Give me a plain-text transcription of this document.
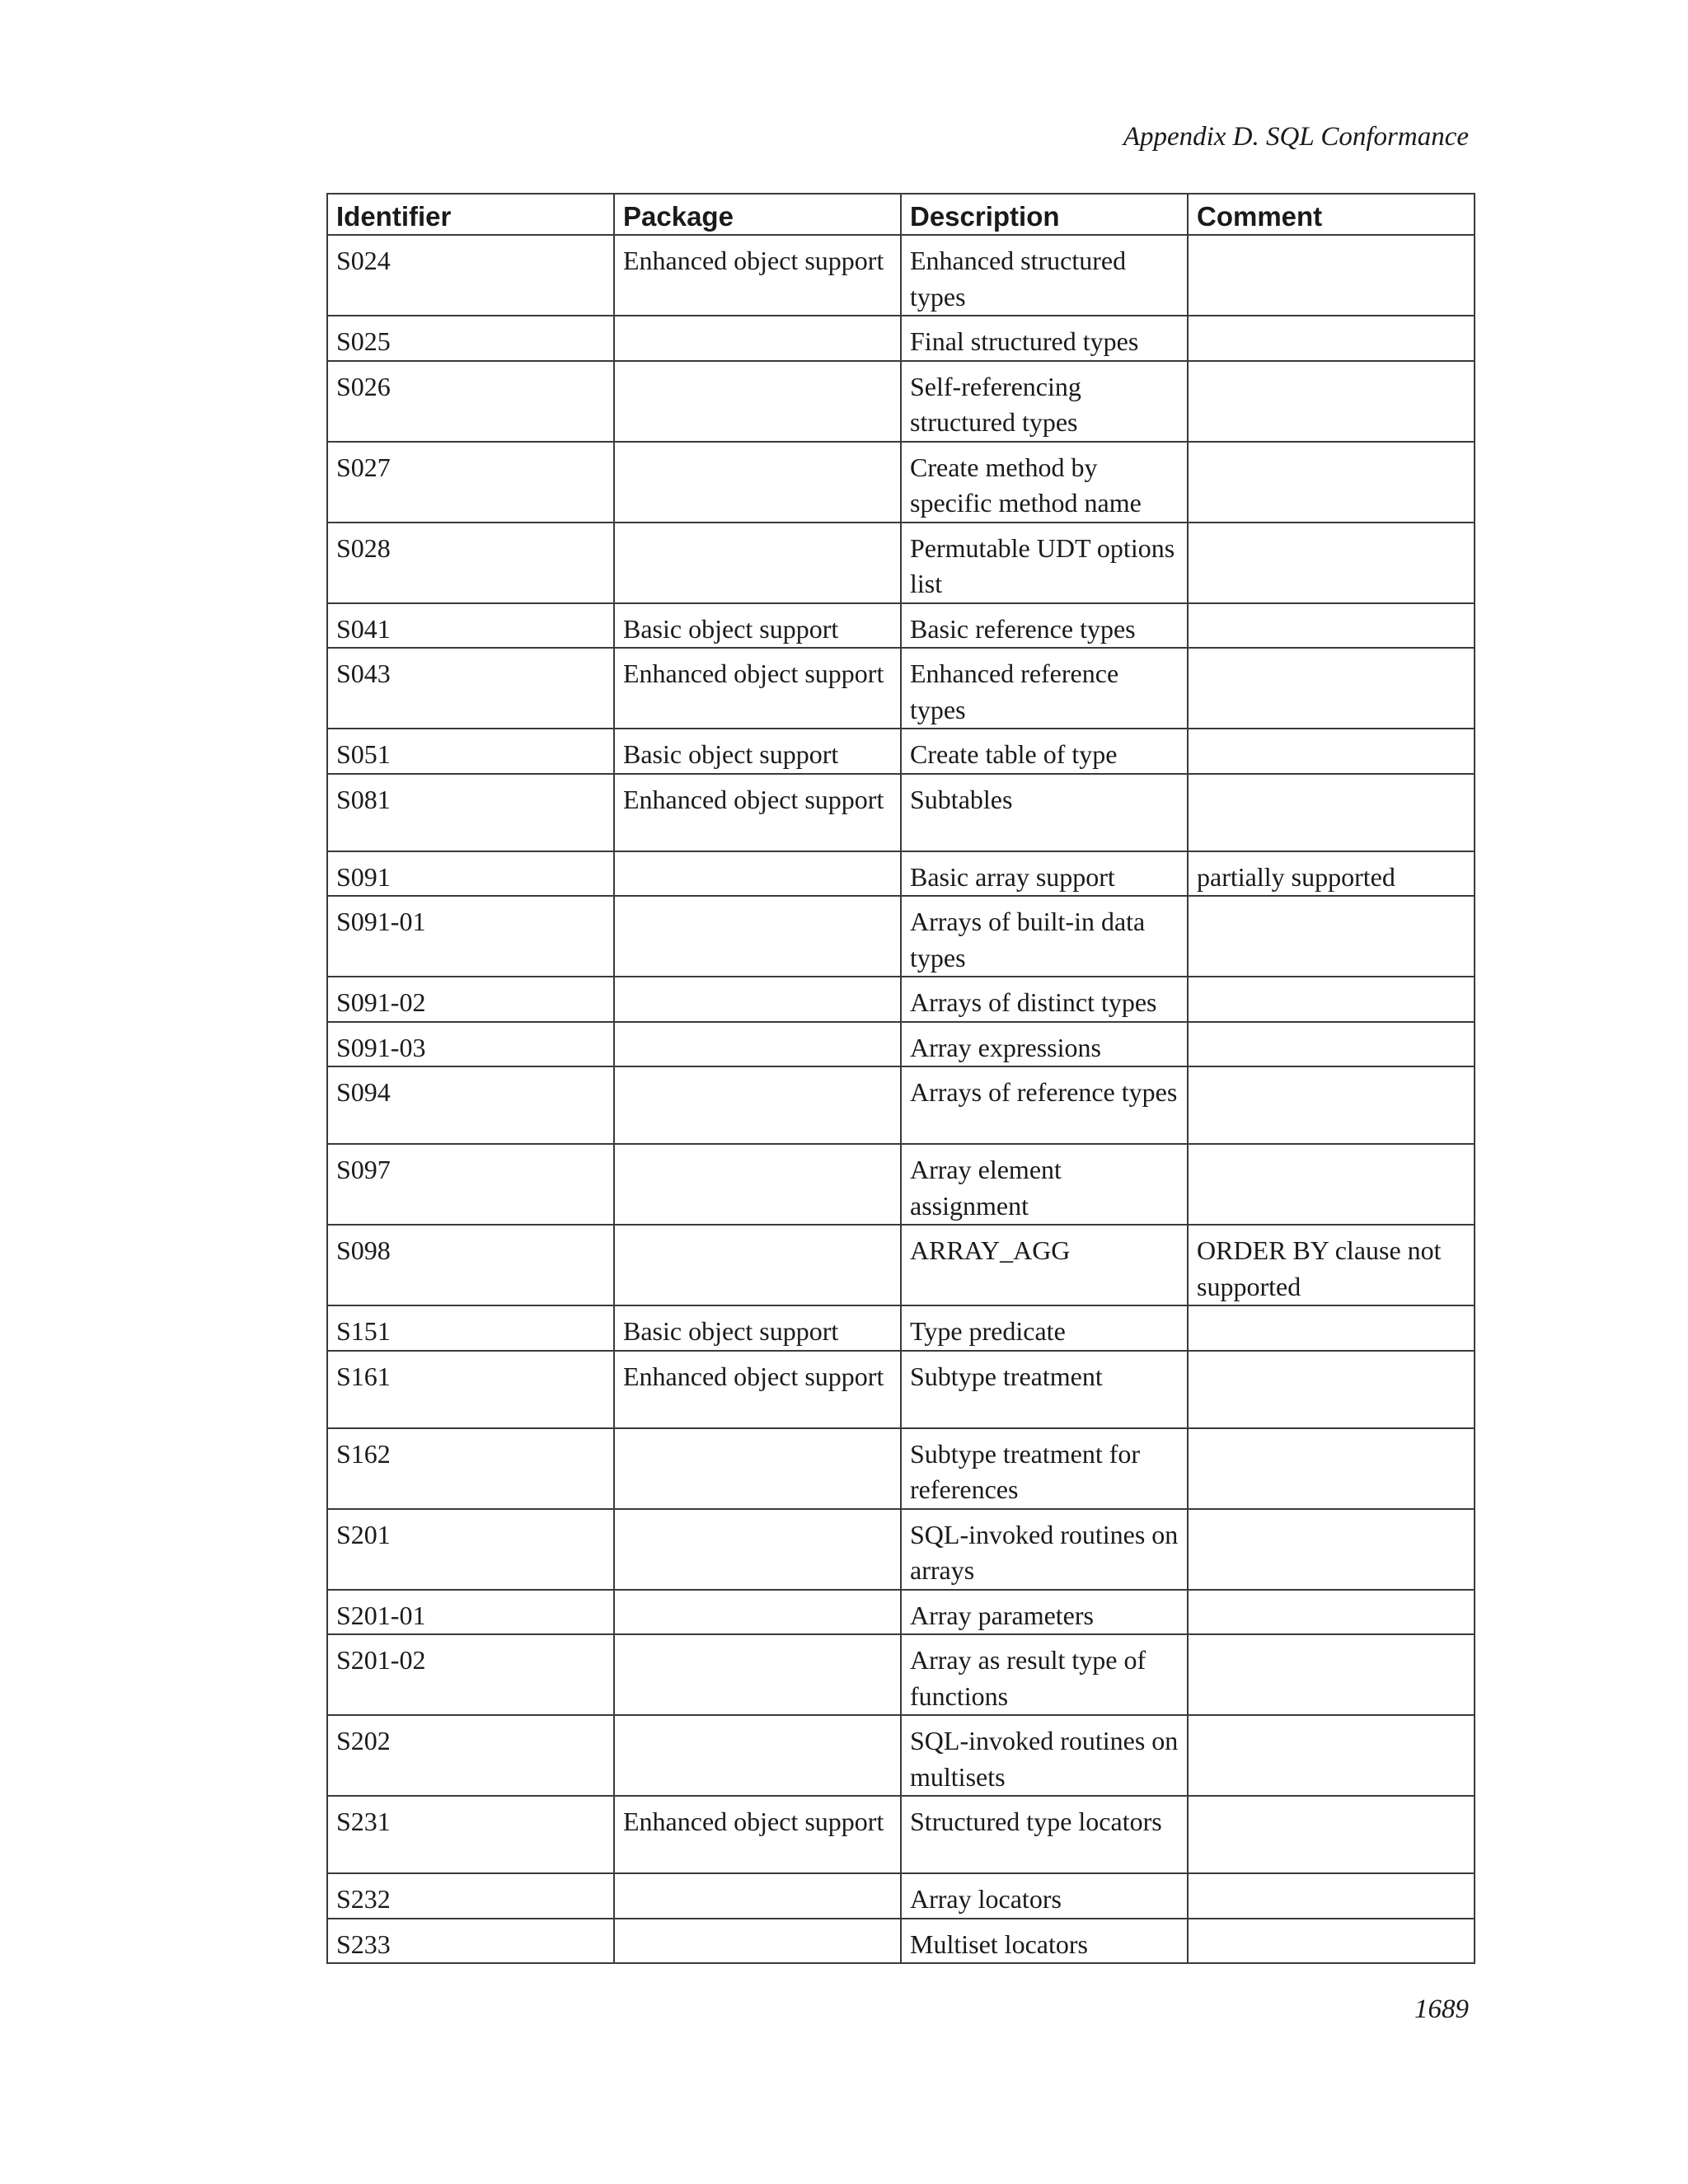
Appendix D. SQL Conformance
Identifier	Package	Description	Comment
S024	Enhanced object support	Enhanced structured types	
S025		Final structured types	
S026		Self-referencing structured types	
S027		Create method by specific method name	
S028		Permutable UDT options list	
S041	Basic object support	Basic reference types	
S043	Enhanced object support	Enhanced reference types	
S051	Basic object support	Create table of type	
S081	Enhanced object support	Subtables	
S091		Basic array support	partially supported
S091-01		Arrays of built-in data types	
S091-02		Arrays of distinct types	
S091-03		Array expressions	
S094		Arrays of reference types	
S097		Array element assignment	
S098		ARRAY_AGG	ORDER BY clause not supported
S151	Basic object support	Type predicate	
S161	Enhanced object support	Subtype treatment	
S162		Subtype treatment for references	
S201		SQL-invoked routines on arrays	
S201-01		Array parameters	
S201-02		Array as result type of functions	
S202		SQL-invoked routines on multisets	
S231	Enhanced object support	Structured type locators	
S232		Array locators	
S233		Multiset locators	
1689
